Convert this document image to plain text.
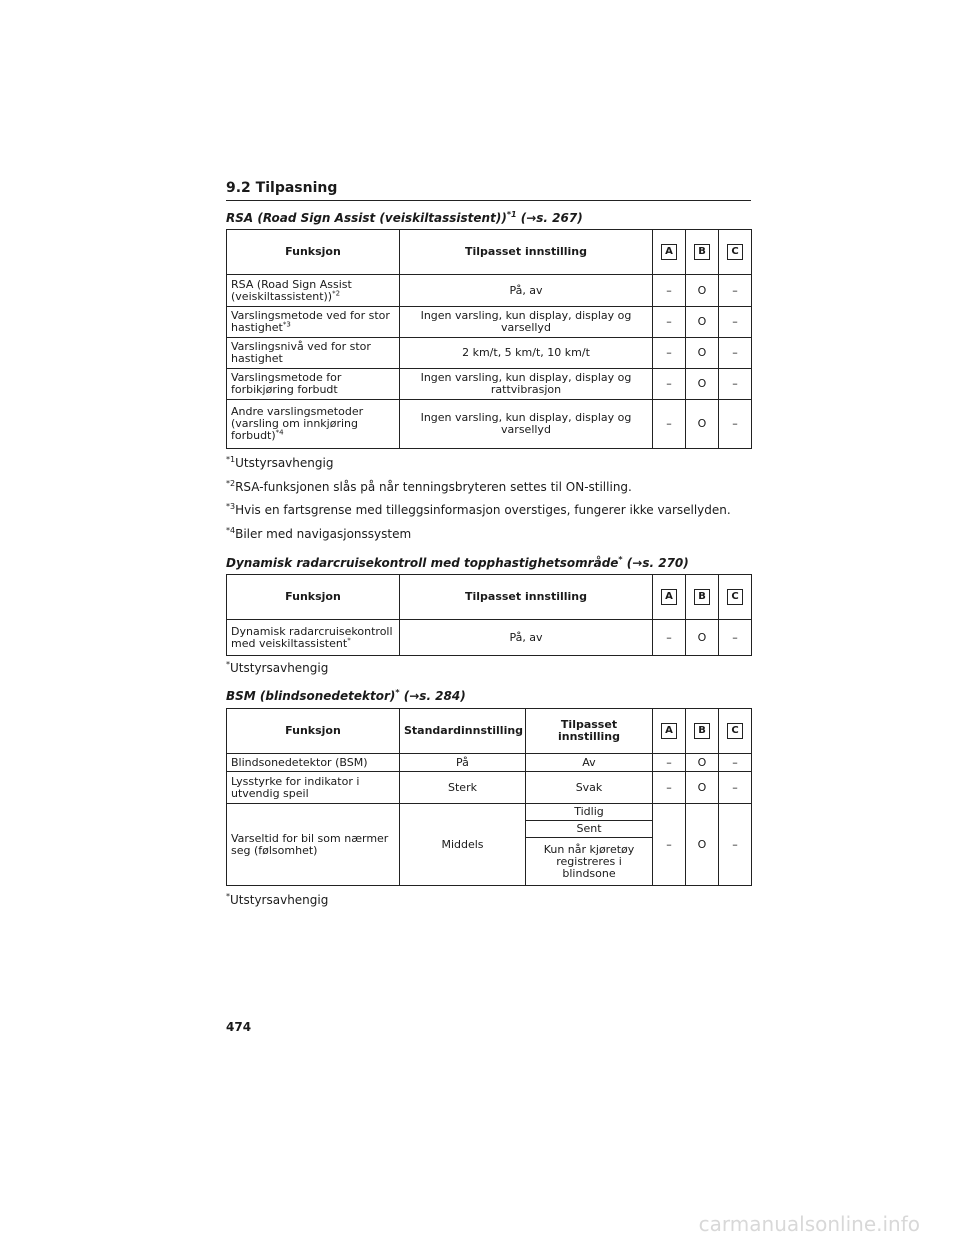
9.2 Tilpasning
RSA (Road Sign Assist (veiskiltassistent))$^{*1}$ (→s. 267)
Funksjon	Tilpasset innstilling	A	B	C
RSA (Road Sign Assist (veiskiltassistent))$^{*2}$	På, av	–	O	–
Varslingsmetode ved for stor hastighet$^{*3}$	Ingen varsling, kun display, display og varsellyd	–	O	–
Varslingsnivå ved for stor hastighet	2 km/t, 5 km/t, 10 km/t	–	O	–
Varslingsmetode for forbikjøring forbudt	Ingen varsling, kun display, display og rattvibrasjon	–	O	–
Andre varslingsmetoder (varsling om innkjøring forbudt)$^{*4}$	Ingen varsling, kun display, display og varsellyd	–	O	–
$^{*1}$Utstyrsavhengig
$^{*2}$RSA-funksjonen slås på når tenningsbryteren settes til ON-stilling.
$^{*3}$Hvis en fartsgrense med tilleggsinformasjon overstiges, fungerer ikke varsellyden.
$^{*4}$Biler med navigasjonssystem
Dynamisk radarcruisekontroll med topphastighetsområde* (→s. 270)
Funksjon	Tilpasset innstilling	A	B	C
Dynamisk radarcruisekontroll med veiskiltassistent*	På, av	–	O	–
*Utstyrsavhengig
BSM (blindsonedetektor)* (→s. 284)
Funksjon	Standardinnstilling	Tilpasset innstilling	A	B	C
Blindsonedetektor (BSM)	På	Av	–	O	–
Lysstyrke for indikator i utvendig speil	Sterk	Svak	–	O	–
Varseltid for bil som nærmer seg (følsomhet)	Middels	Tidlig	–	O	–
		Sent			
		Kun når kjøretøy registreres i blindsone			
*Utstyrsavhengig
474
carmanualsonline.info
